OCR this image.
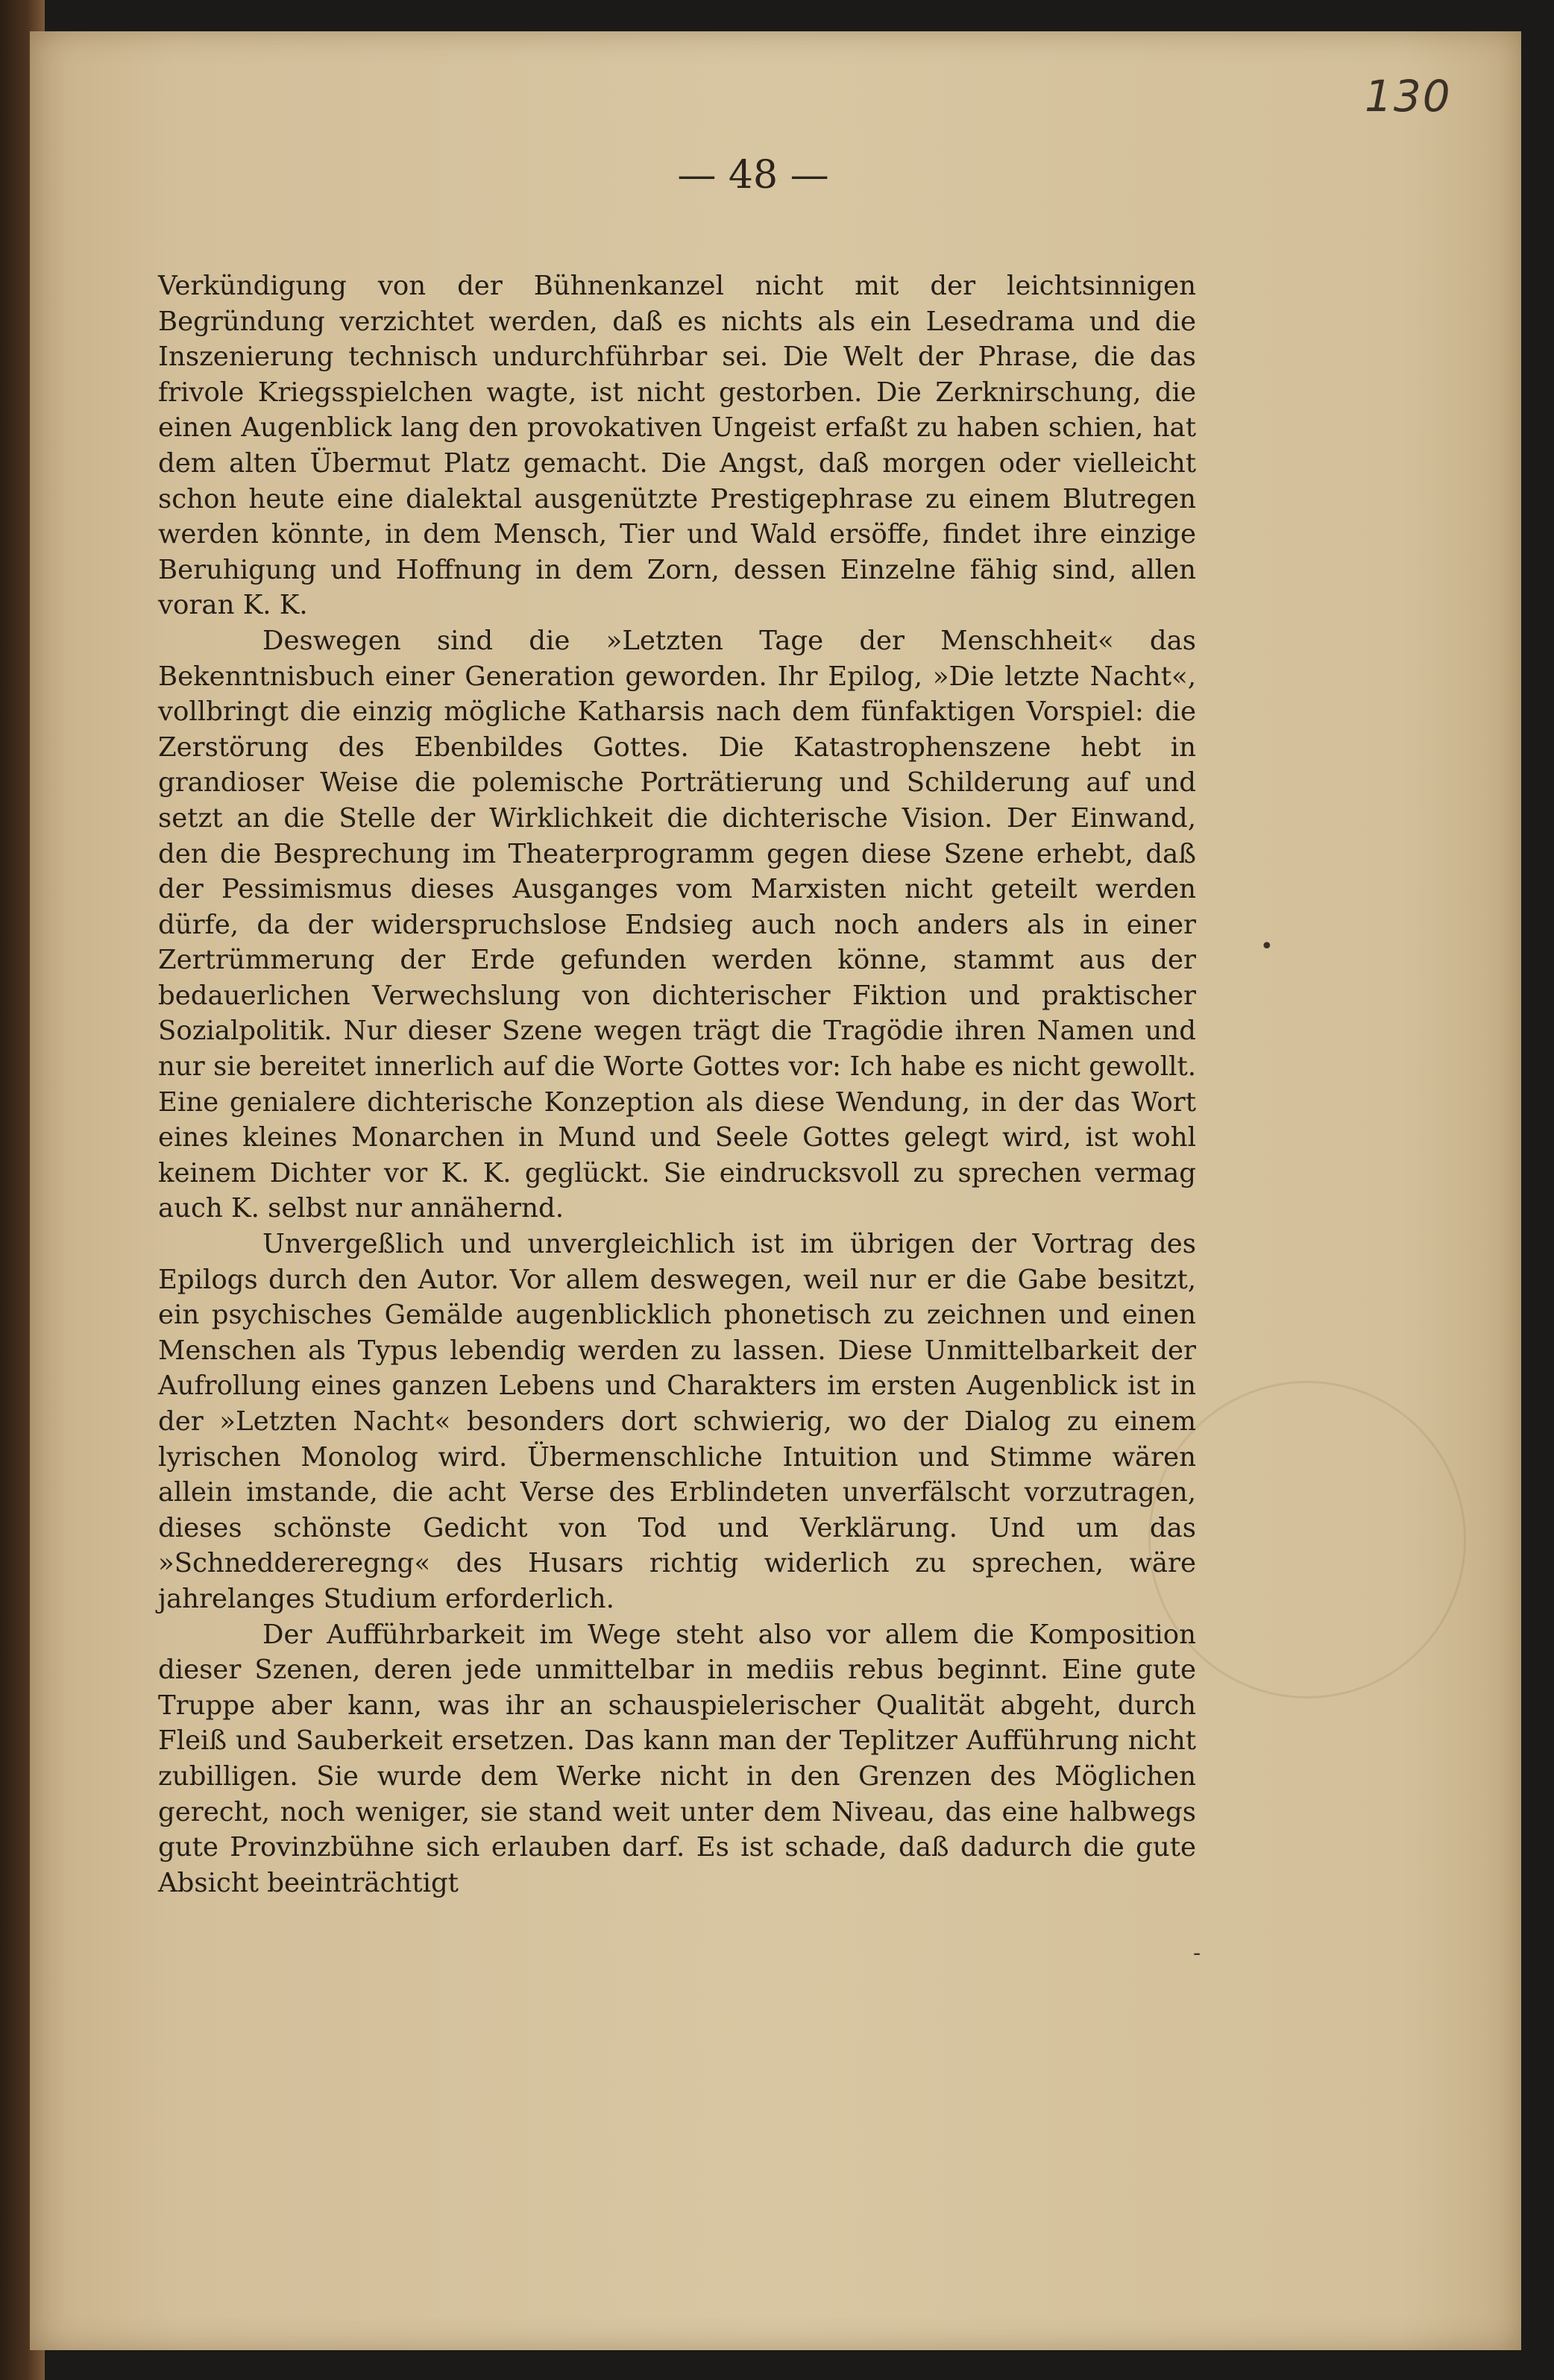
•
-
130
— 48 —

Verkündigung von der Bühnenkanzel nicht mit der leichtsinnigen Begründung verzichtet werden, daß es nichts als ein Lesedrama und die Inszenierung technisch undurchführbar sei. Die Welt der Phrase, die das frivole Kriegsspielchen wagte, ist nicht gestorben. Die Zerknirschung, die einen Augenblick lang den provokativen Ungeist erfaßt zu haben schien, hat dem alten Übermut Platz gemacht. Die Angst, daß morgen oder vielleicht schon heute eine dialektal ausgenützte Prestigephrase zu einem Blutregen werden könnte, in dem Mensch, Tier und Wald ersöffe, findet ihre einzige Beruhigung und Hoffnung in dem Zorn, dessen Einzelne fähig sind, allen voran K. K.

Deswegen sind die »Letzten Tage der Menschheit« das Bekenntnisbuch einer Generation geworden. Ihr Epilog, »Die letzte Nacht«, vollbringt die einzig mögliche Katharsis nach dem fünfaktigen Vorspiel: die Zerstörung des Ebenbildes Gottes. Die Katastrophenszene hebt in grandioser Weise die polemische Porträtierung und Schilderung auf und setzt an die Stelle der Wirklichkeit die dichterische Vision. Der Einwand, den die Besprechung im Theaterprogramm gegen diese Szene erhebt, daß der Pessimismus dieses Ausganges vom Marxisten nicht geteilt werden dürfe, da der widerspruchslose Endsieg auch noch anders als in einer Zertrümmerung der Erde gefunden werden könne, stammt aus der bedauerlichen Verwechslung von dichterischer Fiktion und praktischer Sozialpolitik. Nur dieser Szene wegen trägt die Tragödie ihren Namen und nur sie bereitet innerlich auf die Worte Gottes vor: Ich habe es nicht gewollt. Eine genialere dichterische Konzeption als diese Wendung, in der das Wort eines kleines Monarchen in Mund und Seele Gottes gelegt wird, ist wohl keinem Dichter vor K. K. geglückt. Sie eindrucksvoll zu sprechen vermag auch K. selbst nur annähernd.

Unvergeßlich und unvergleichlich ist im übrigen der Vortrag des Epilogs durch den Autor. Vor allem deswegen, weil nur er die Gabe besitzt, ein psychisches Gemälde augenblicklich phonetisch zu zeichnen und einen Menschen als Typus lebendig werden zu lassen. Diese Unmittelbarkeit der Aufrollung eines ganzen Lebens und Charakters im ersten Augenblick ist in der »Letzten Nacht« besonders dort schwierig, wo der Dialog zu einem lyrischen Monolog wird. Übermenschliche Intuition und Stimme wären allein imstande, die acht Verse des Erblindeten unverfälscht vorzutragen, dieses schönste Gedicht von Tod und Verklärung. Und um das »Schneddereregng« des Husars richtig widerlich zu sprechen, wäre jahrelanges Studium erforderlich.

Der Aufführbarkeit im Wege steht also vor allem die Komposition dieser Szenen, deren jede unmittelbar in mediis rebus beginnt. Eine gute Truppe aber kann, was ihr an schauspielerischer Qualität abgeht, durch Fleiß und Sauberkeit ersetzen. Das kann man der Teplitzer Aufführung nicht zubilligen. Sie wurde dem Werke nicht in den Grenzen des Möglichen gerecht, noch weniger, sie stand weit unter dem Niveau, das eine halbwegs gute Provinzbühne sich erlauben darf. Es ist schade, daß dadurch die gute Absicht beeinträchtigt
